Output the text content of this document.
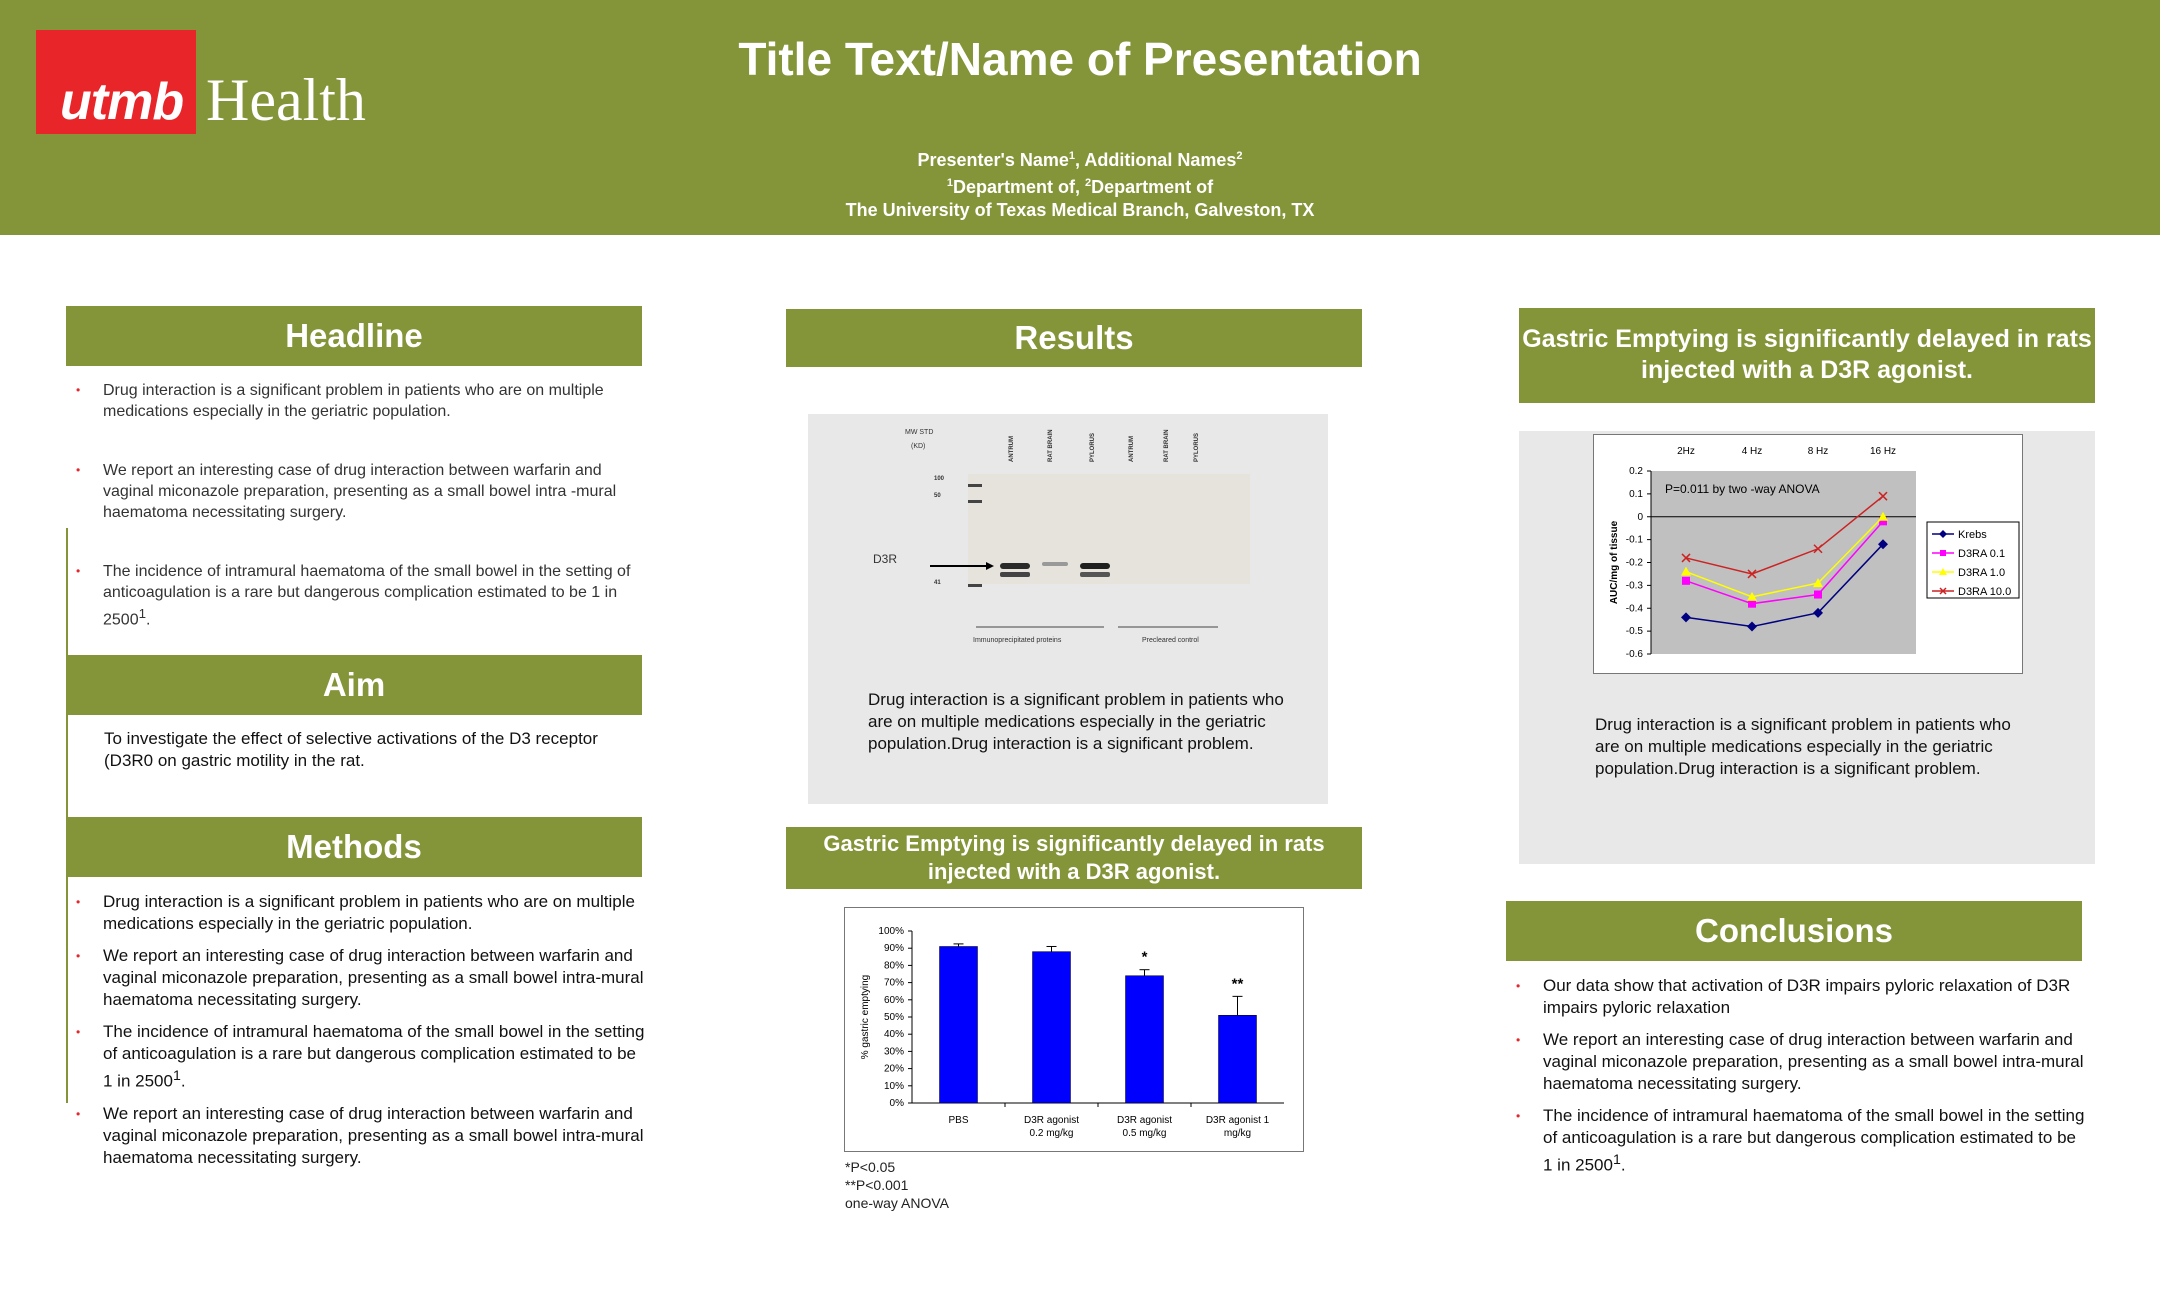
utmb Health
Title Text/Name of Presentation
Presenter's Name$^1$, Additional Names$^2$
$^1$Department of, $^2$Department of
The University of Texas Medical Branch, Galveston, TX
Headline
• Drug interaction is a significant problem in patients who are on multiple medications especially in the geriatric population.
• We report an interesting case of drug interaction between warfarin and vaginal miconazole preparation, presenting as a small bowel intra -mural haematoma necessitating surgery.
• The incidence of intramural haematoma of the small bowel in the setting of anticoagulation is a rare but dangerous complication estimated to be 1 in 2500$^1$.
Aim
To investigate the effect of selective activations of the D3 receptor (D3R0 on gastric motility in the rat.
Methods
• Drug interaction is a significant problem in patients who are on multiple medications especially in the geriatric population.
• We report an interesting case of drug interaction between warfarin and vaginal miconazole preparation, presenting as a small bowel intra-mural haematoma necessitating surgery.
• The incidence of intramural haematoma of the small bowel in the setting of anticoagulation is a rare but dangerous complication estimated to be 1 in 2500$^1$.
• We report an interesting case of drug interaction between warfarin and vaginal miconazole preparation, presenting as a small bowel intra-mural haematoma necessitating surgery.
Results
MW STD
(KD)	ANTRUM	RAT BRAIN	PYLORUS	ANTRUM	RAT BRAIN	PYLORUS
100
50
41
D3R
Immunoprecipitated proteins	Precleared control
Drug interaction is a significant problem in patients who are on multiple medications especially in the geriatric population.Drug interaction is a significant problem.
Gastric Emptying is significantly delayed in rats injected with a D3R agonist.
0%
10%
20%
30%
40%
50%
60%
70%
80%
90%
100%
% gastric emptying
PBS	D3R agonist
0.2 mg/kg
*
D3R agonist
0.5 mg/kg
**
D3R agonist 1
mg/kg
*P<0.05
**P<0.001
one-way ANOVA
Gastric Emptying is significantly delayed in rats injected with a D3R agonist.
0.2
0.1
0
-0.1
-0.2
-0.3
-0.4
-0.5
-0.6
AUC/mg of tissue
2Hz	4 Hz	8 Hz	16 Hz
P=0.011 by two -way ANOVA
Krebs
D3RA 0.1
D3RA 1.0
D3RA 10.0
Drug interaction is a significant problem in patients who are on multiple medications especially in the geriatric population.Drug interaction is a significant problem.
Conclusions
• Our data show that activation of D3R impairs pyloric relaxation of D3R impairs pyloric relaxation
• We report an interesting case of drug interaction between warfarin and vaginal miconazole preparation, presenting as a small bowel intra-mural haematoma necessitating surgery.
• The incidence of intramural haematoma of the small bowel in the setting of anticoagulation is a rare but dangerous complication estimated to be 1 in 2500$^1$.
